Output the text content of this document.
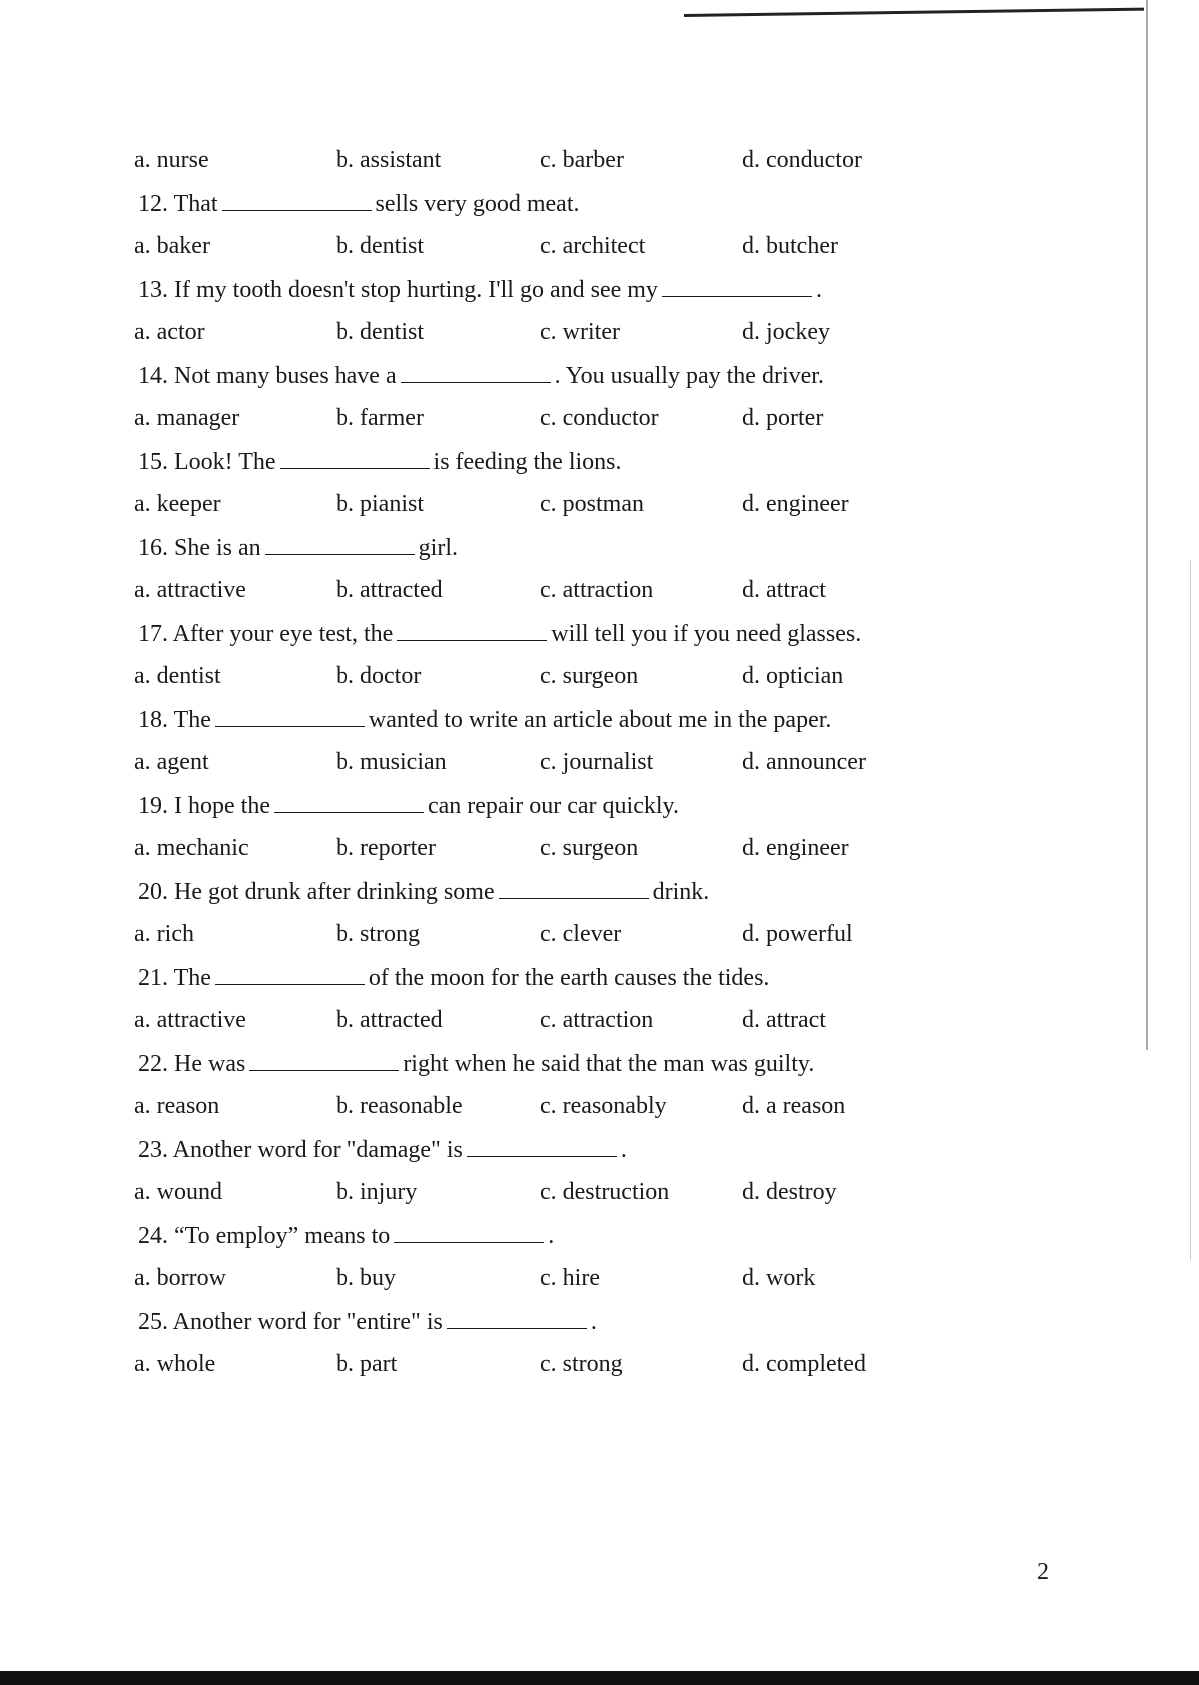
a. nurse	b. assistant	c. barber	d. conductor
12. That	sells very good meat.
a. baker	b. dentist	c. architect	d. butcher
13. If my tooth doesn't stop hurting. I'll go and see my	.
a. actor	b. dentist	c. writer	d. jockey
14. Not many buses have a	. You usually pay the driver.
a. manager	b. farmer	c. conductor	d. porter
15. Look! The	is feeding the lions.
a. keeper	b. pianist	c. postman	d. engineer
16. She is an	girl.
a. attractive	b. attracted	c. attraction	d. attract
17. After your eye test, the	will tell you if you need glasses.
a. dentist	b. doctor	c. surgeon	d. optician
18. The	wanted to write an article about me in the paper.
a. agent	b. musician	c. journalist	d. announcer
19. I hope the	can repair our car quickly.
a. mechanic	b. reporter	c. surgeon	d. engineer
20. He got drunk after drinking some	drink.
a. rich	b. strong	c. clever	d. powerful
21. The	of the moon for the earth causes the tides.
a. attractive	b. attracted	c. attraction	d. attract
22. He was	right when he said that the man was guilty.
a. reason	b. reasonable	c. reasonably	d. a reason
23. Another word for "damage" is	.
a. wound	b. injury	c. destruction	d. destroy
24. “To employ” means to	.
a. borrow	b. buy	c. hire	d. work
25. Another word for "entire" is	.
a. whole	b. part	c. strong	d. completed
2
